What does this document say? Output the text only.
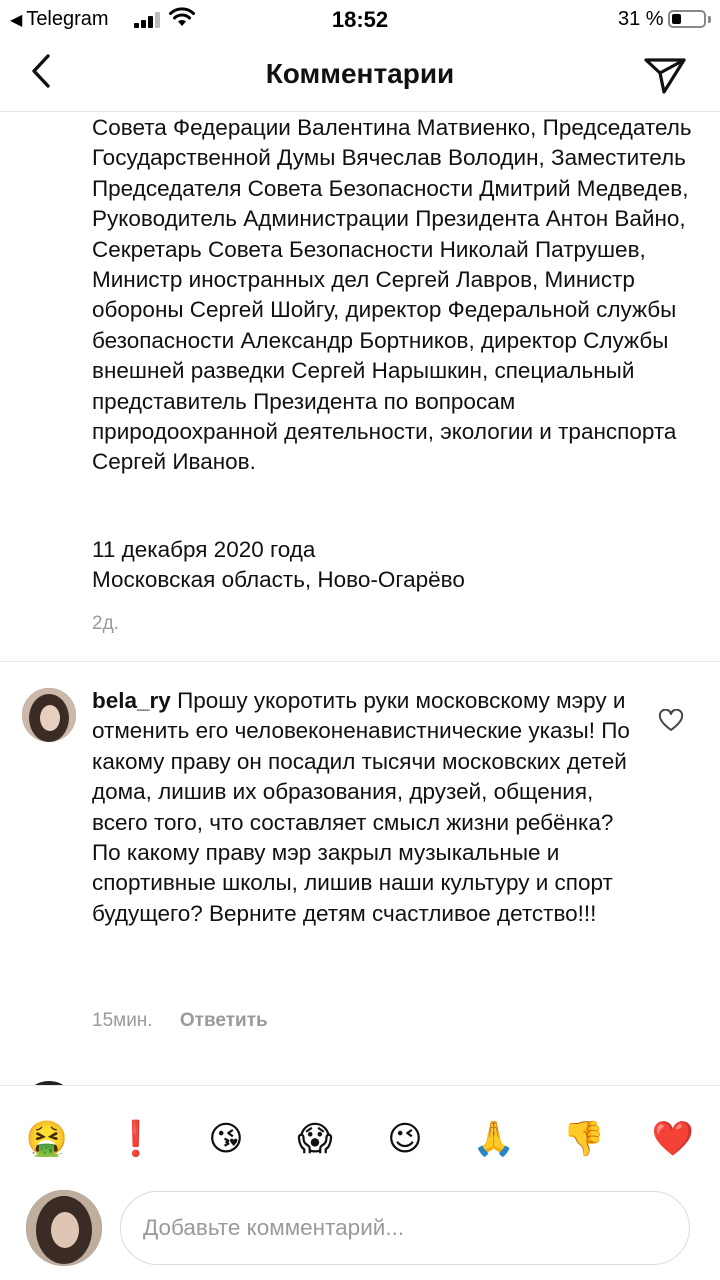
◀ Telegram	18:52	31 %
Комментарии
Совета Федерации Валентина Матвиенко, Председатель Государственной Думы Вячеслав Володин, Заместитель Председателя Совета Безопасности Дмитрий Медведев, Руководитель Администрации Президента Антон Вайно, Секретарь Совета Безопасности Николай Патрушев, Министр иностранных дел Сергей Лавров, Министр обороны Сергей Шойгу, директор Федеральной службы безопасности Александр Бортников, директор Службы внешней разведки Сергей Нарышкин, специальный представитель Президента по вопросам природоохранной деятельности, экологии и транспорта Сергей Иванов.
11 декабря 2020 года
Московская область, Ново-Огарёво
2д.
bela_ry Прошу укоротить руки московскому мэру и отменить его человеконенавистнические указы! По какому праву он посадил тысячи московских детей дома, лишив их образования, друзей, общения, всего того, что составляет смысл жизни ребёнка? По какому праву мэр закрыл музыкальные и спортивные школы, лишив наши культуру и спорт будущего? Верните детям счастливое детство!!!
15мин. Ответить
🤮 ❗ 😘 😱 😉 🙏 👎 ❤️
Добавьте комментарий...
